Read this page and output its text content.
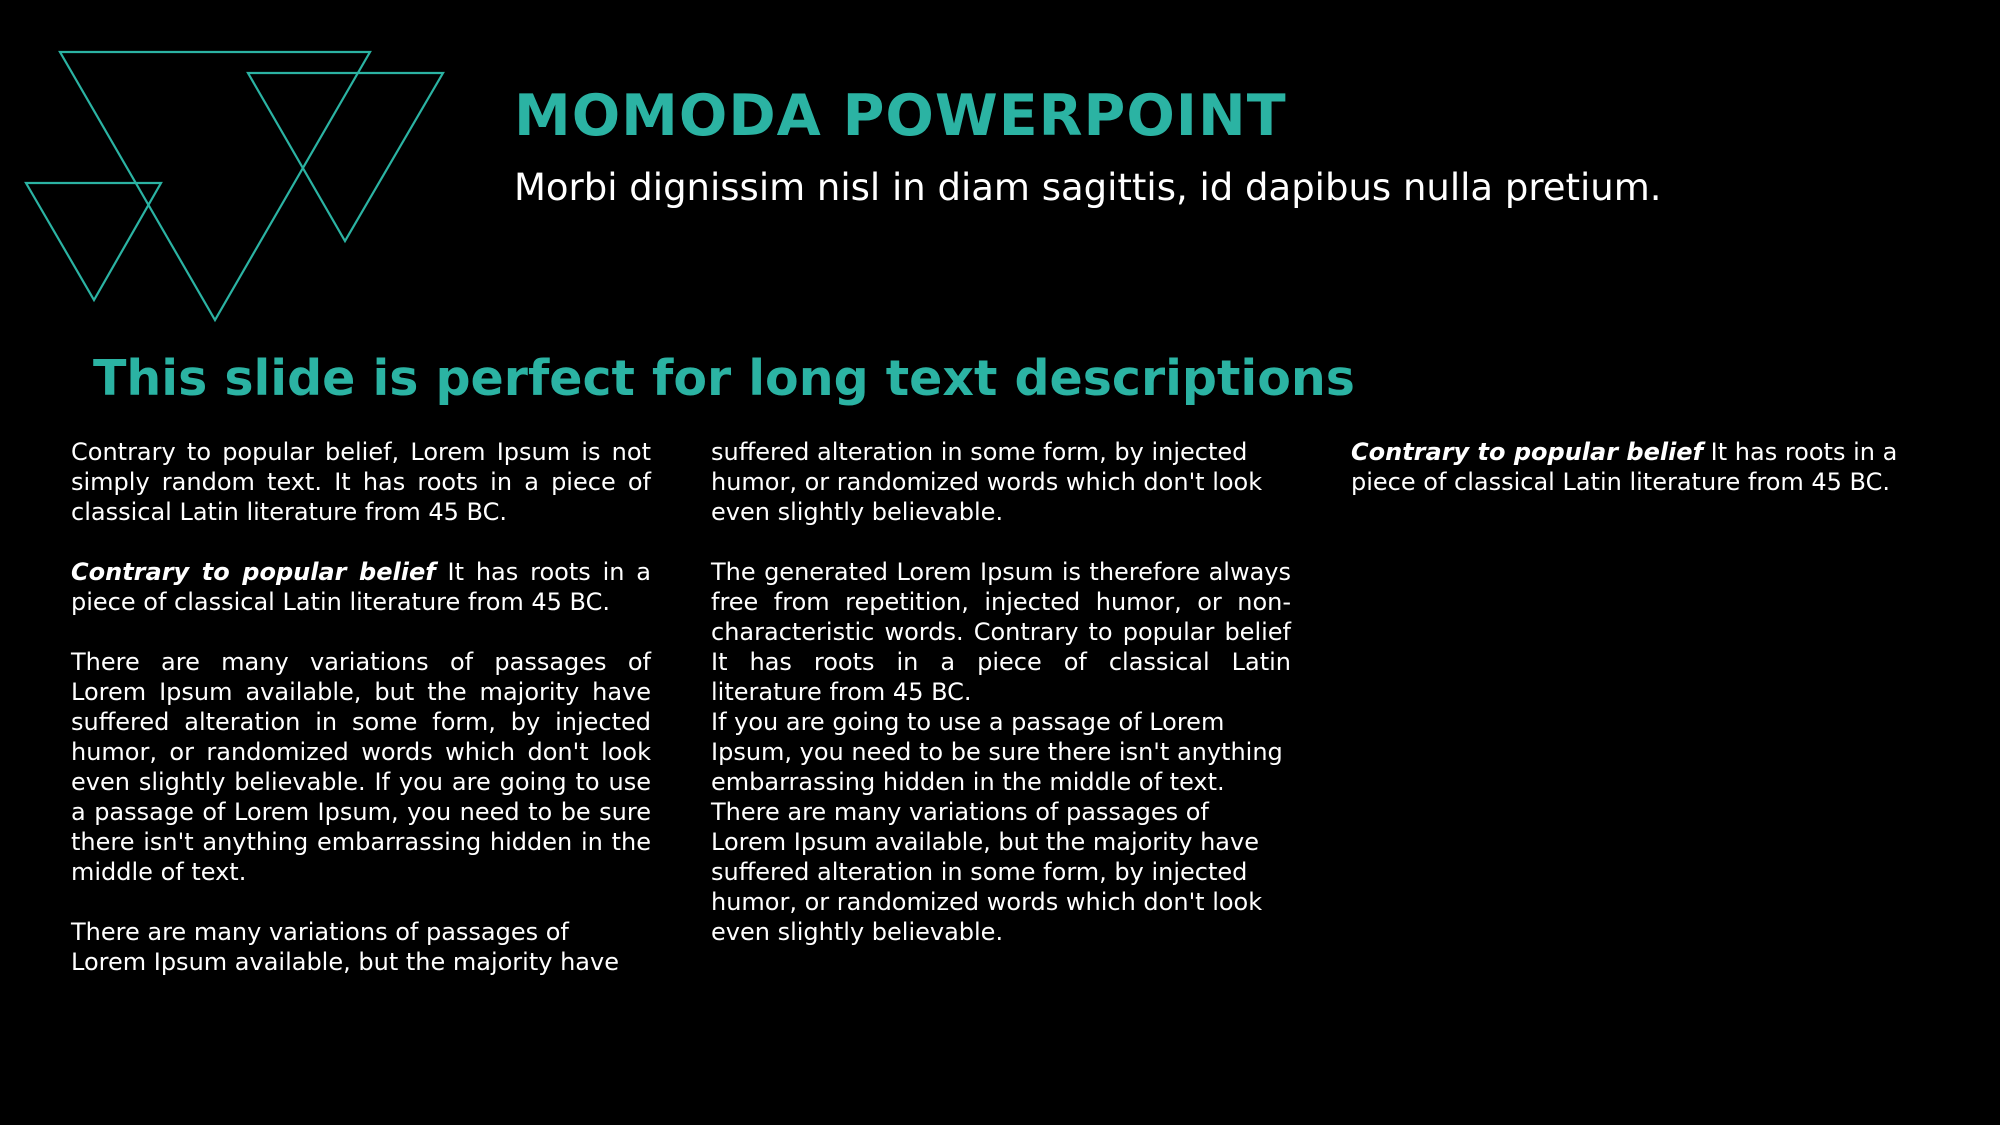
MOMODA POWERPOINT

Morbi dignissim nisl in diam sagittis, id dapibus nulla pretium.

This slide is perfect for long text descriptions

Contrary to popular belief, Lorem Ipsum is not simply random text. It has roots in a piece of classical Latin literature from 45 BC.

Contrary to popular belief It has roots in a piece of classical Latin literature from 45 BC.

There are many variations of passages of Lorem Ipsum available, but the majority have suffered alteration in some form, by injected humor, or randomized words which don't look even slightly believable. If you are going to use a passage of Lorem Ipsum, you need to be sure there isn't anything embarrassing hidden in the middle of text.

There are many variations of passages of Lorem Ipsum available, but the majority have suffered alteration in some form, by injected humor, or randomized words which don't look even slightly believable.

The generated Lorem Ipsum is therefore always free from repetition, injected humor, or non-characteristic words. Contrary to popular belief It has roots in a piece of classical Latin literature from 45 BC.

If you are going to use a passage of Lorem Ipsum, you need to be sure there isn't anything embarrassing hidden in the middle of text. There are many variations of passages of Lorem Ipsum available, but the majority have suffered alteration in some form, by injected humor, or randomized words which don't look even slightly believable.

Contrary to popular belief It has roots in a piece of classical Latin literature from 45 BC.
